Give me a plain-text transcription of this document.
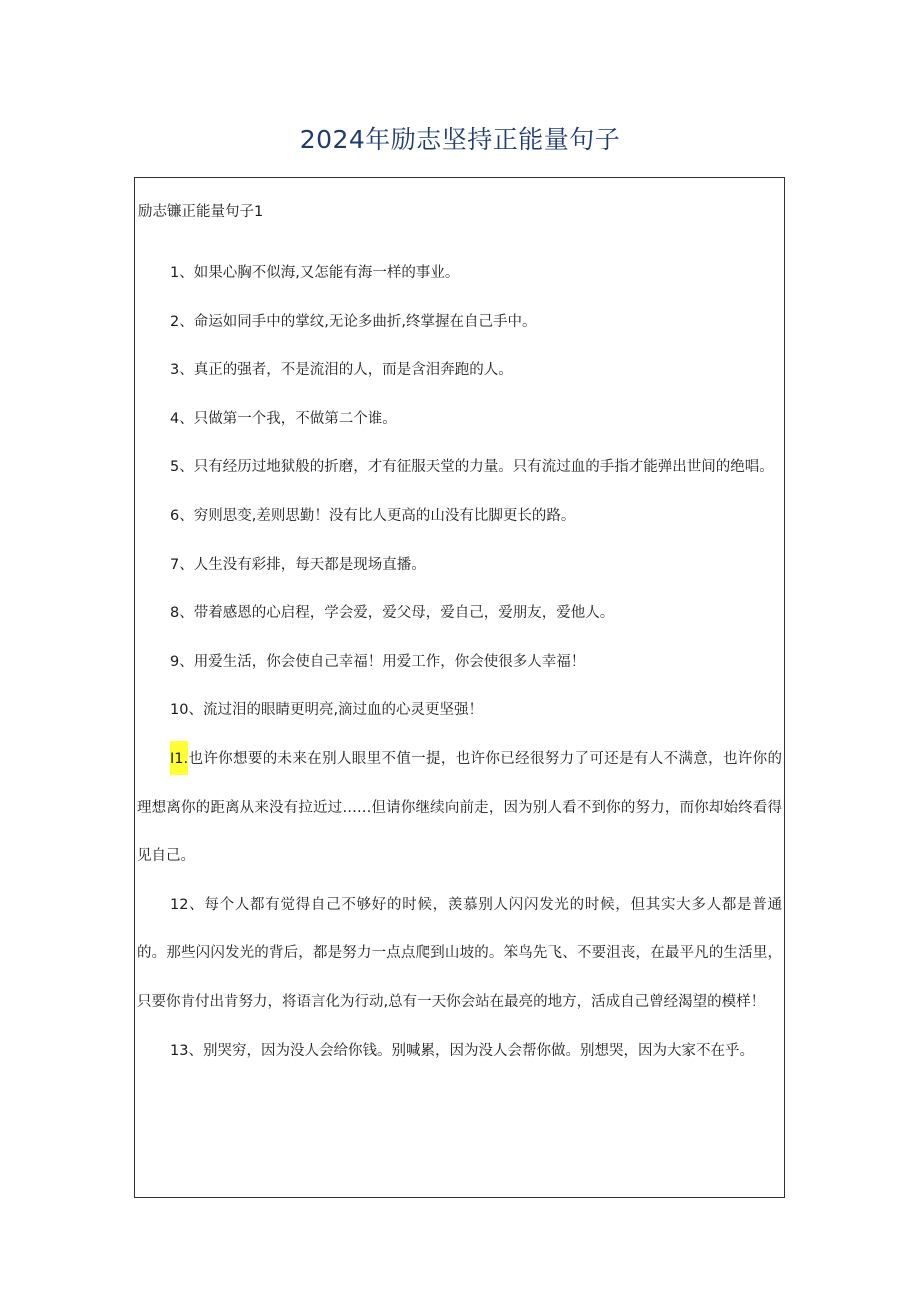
2024年励志坚持正能量句子
励志镰正能量句子1
1、如果心胸不似海,又怎能有海一样的事业。
2、命运如同手中的掌纹,无论多曲折,终掌握在自己手中。
3、真正的强者，不是流泪的人，而是含泪奔跑的人。
4、只做第一个我，不做第二个谁。
5、只有经历过地狱般的折磨，才有征服天堂的力量。只有流过血的手指才能弹出世间的绝唱。
6、穷则思变,差则思勤！没有比人更高的山没有比脚更长的路。
7、人生没有彩排，每天都是现场直播。
8、带着感恩的心启程，学会爱，爱父母，爱自己，爱朋友，爱他人。
9、用爱生活，你会使自己幸福！用爱工作，你会使很多人幸福！
10、流过泪的眼睛更明亮,滴过血的心灵更坚强！
I1.也许你想要的未来在别人眼里不值一提，也许你已经很努力了可还是有人不满意，也许你的理想离你的距离从来没有拉近过……但请你继续向前走，因为别人看不到你的努力，而你却始终看得见自己。
12、每个人都有觉得自己不够好的时候，羡慕别人闪闪发光的时候，但其实大多人都是普通的。那些闪闪发光的背后，都是努力一点点爬到山坡的。笨鸟先飞、不要沮丧，在最平凡的生活里，只要你肯付出肯努力，将语言化为行动,总有一天你会站在最亮的地方，活成自己曾经渴望的模样！
13、别哭穷，因为没人会给你钱。别喊累，因为没人会帮你做。别想哭，因为大家不在乎。
